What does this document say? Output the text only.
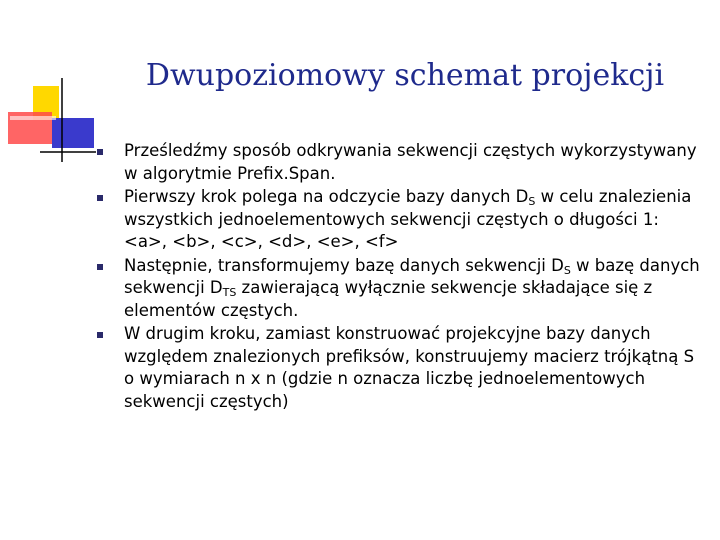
Dwupoziomowy schemat projekcji
Prześledźmy sposób odkrywania sekwencji częstych wykorzystywany w algorytmie Prefix.Span.
Pierwszy krok polega na odczycie bazy danych $D_S$ w celu znalezienia wszystkich jednoelementowych sekwencji częstych o długości 1: <a>, <b>, <c>, <d>, <e>, <f>
Następnie, transformujemy bazę danych sekwencji $D_S$ w bazę danych sekwencji $D_{TS}$ zawierającą wyłącznie sekwencje składające się z elementów częstych.
W drugim kroku, zamiast konstruować projekcyjne bazy danych względem znalezionych prefiksów, konstruujemy macierz trójkątną S o wymiarach n x n (gdzie n oznacza liczbę jednoelementowych sekwencji częstych)
